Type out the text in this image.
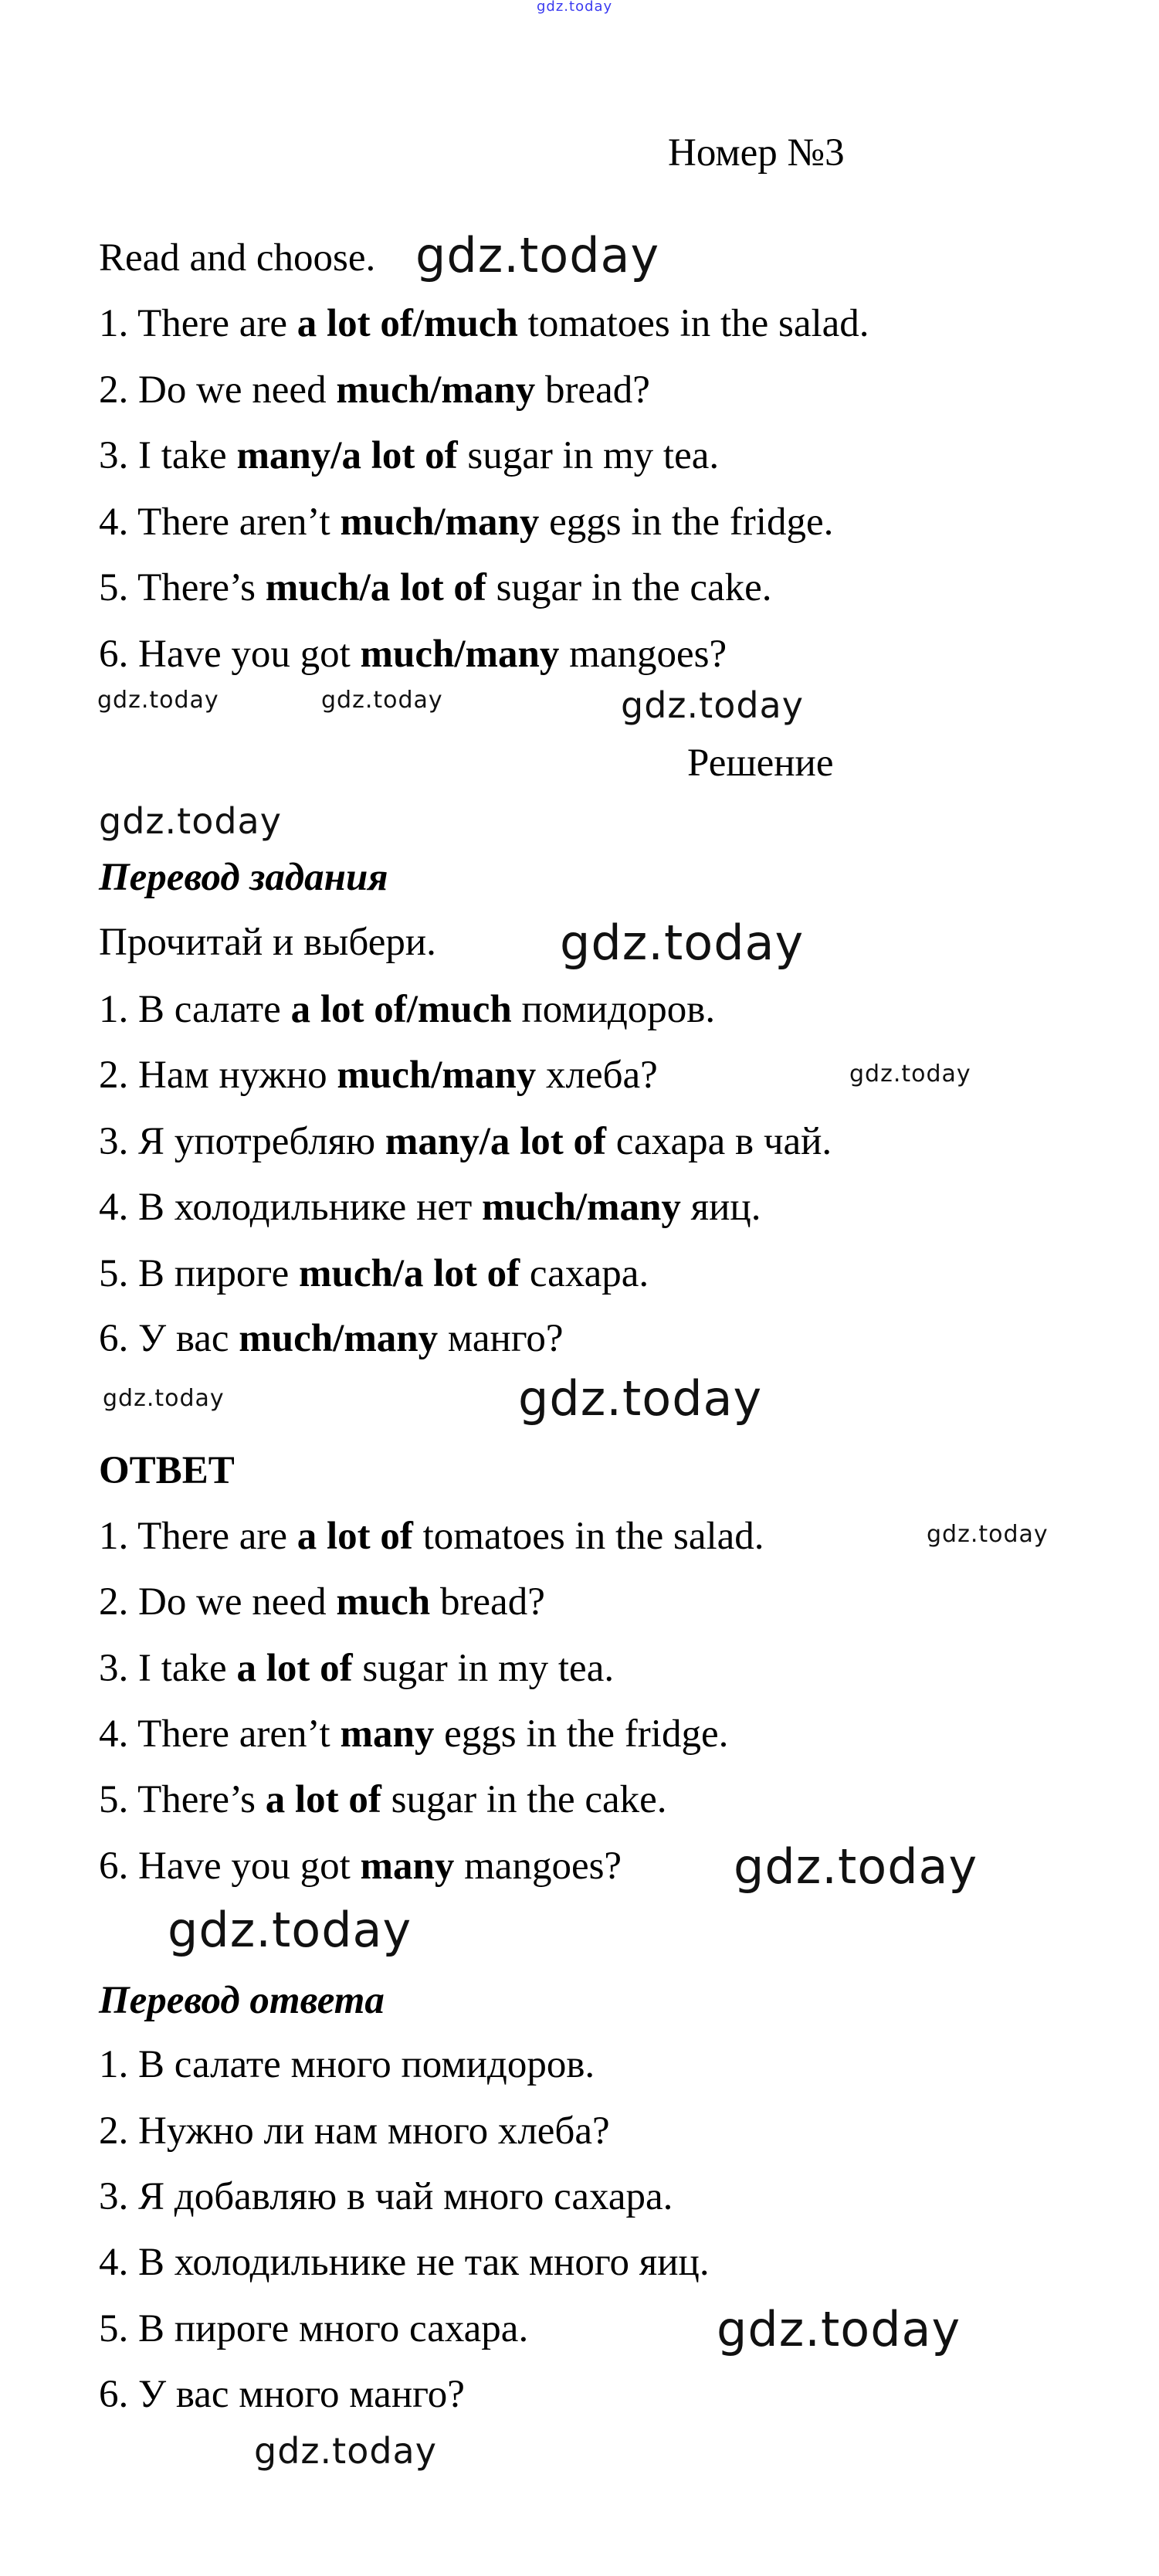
gdz.today
gdz.today
gdz.today	gdz.today	gdz.today
gdz.today
gdz.today
gdz.today
gdz.today
gdz.today
gdz.today
gdz.today
gdz.today
gdz.today
gdz.today
Номер №3
Read and choose.
1. There are a lot of/much tomatoes in the salad.
2. Do we need much/many bread?
3. I take many/a lot of sugar in my tea.
4. There aren’t much/many eggs in the fridge.
5. There’s much/a lot of sugar in the cake.
6. Have you got much/many mangoes?
Решение
Перевод задания
Прочитай и выбери.
1. В салате a lot of/much помидоров.
2. Нам нужно much/many хлеба?
3. Я употребляю many/a lot of сахара в чай.
4. В холодильнике нет much/many яиц.
5. В пироге much/a lot of сахара.
6. У вас much/many манго?
ОТВЕТ
1. There are a lot of tomatoes in the salad.
2. Do we need much bread?
3. I take a lot of sugar in my tea.
4. There aren’t many eggs in the fridge.
5. There’s a lot of sugar in the cake.
6. Have you got many mangoes?
Перевод ответа
1. В салате много помидоров.
2. Нужно ли нам много хлеба?
3. Я добавляю в чай много сахара.
4. В холодильнике не так много яиц.
5. В пироге много сахара.
6. У вас много манго?
